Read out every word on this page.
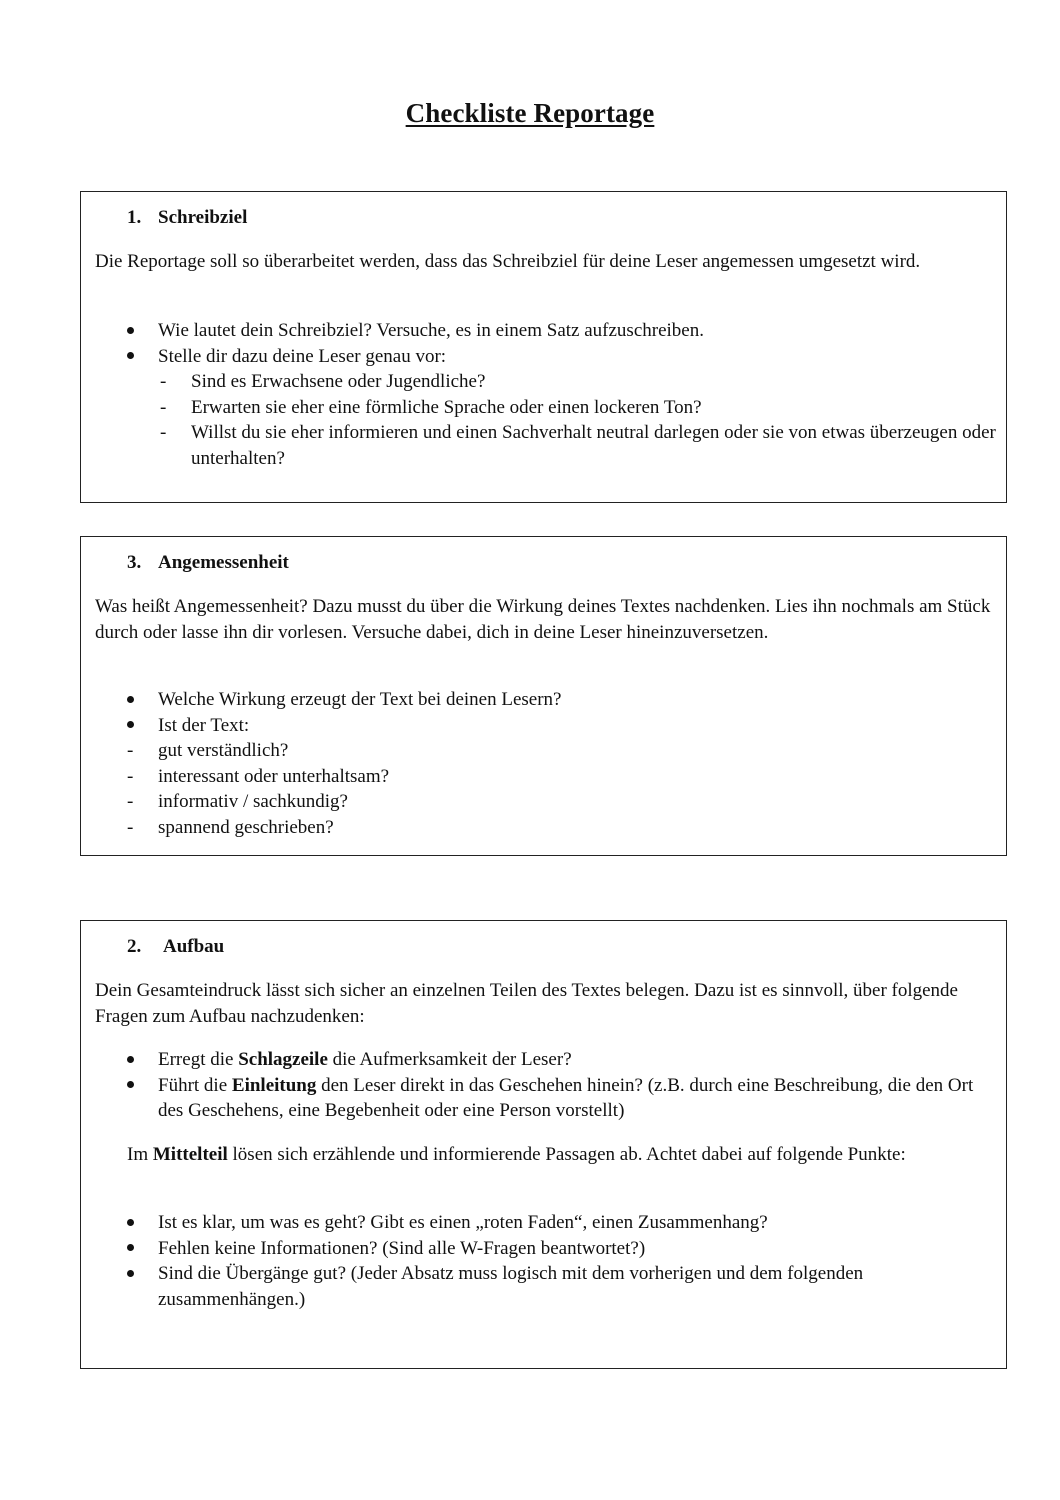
Checkliste Reportage
1. Schreibziel
Die Reportage soll so überarbeitet werden, dass das Schreibziel für deine Leser angemessen umgesetzt wird.
Wie lautet dein Schreibziel? Versuche, es in einem Satz aufzuschreiben.
Stelle dir dazu deine Leser genau vor:
-	Sind es Erwachsene oder Jugendliche?
-	Erwarten sie eher eine förmliche Sprache oder einen lockeren Ton?
-	Willst du sie eher informieren und einen Sachverhalt neutral darlegen oder sie von etwas überzeugen oder unterhalten?
3. Angemessenheit
Was heißt Angemessenheit? Dazu musst du über die Wirkung deines Textes nachdenken. Lies ihn nochmals am Stück durch oder lasse ihn dir vorlesen. Versuche dabei, dich in deine Leser hineinzuversetzen.
Welche Wirkung erzeugt der Text bei deinen Lesern?
Ist der Text:
-	gut verständlich?
-	interessant oder unterhaltsam?
-	informativ / sachkundig?
-	spannend geschrieben?
2. Aufbau
Dein Gesamteindruck lässt sich sicher an einzelnen Teilen des Textes belegen. Dazu ist es sinnvoll, über folgende Fragen zum Aufbau nachzudenken:
Erregt die Schlagzeile die Aufmerksamkeit der Leser?
Führt die Einleitung den Leser direkt in das Geschehen hinein? (z.B. durch eine Beschreibung, die den Ort des Geschehens, eine Begebenheit oder eine Person vorstellt)
Im Mittelteil lösen sich erzählende und informierende Passagen ab. Achtet dabei auf folgende Punkte:
Ist es klar, um was es geht? Gibt es einen „roten Faden“, einen Zusammenhang?
Fehlen keine Informationen? (Sind alle W-Fragen beantwortet?)
Sind die Übergänge gut? (Jeder Absatz muss logisch mit dem vorherigen und dem folgenden zusammenhängen.)
